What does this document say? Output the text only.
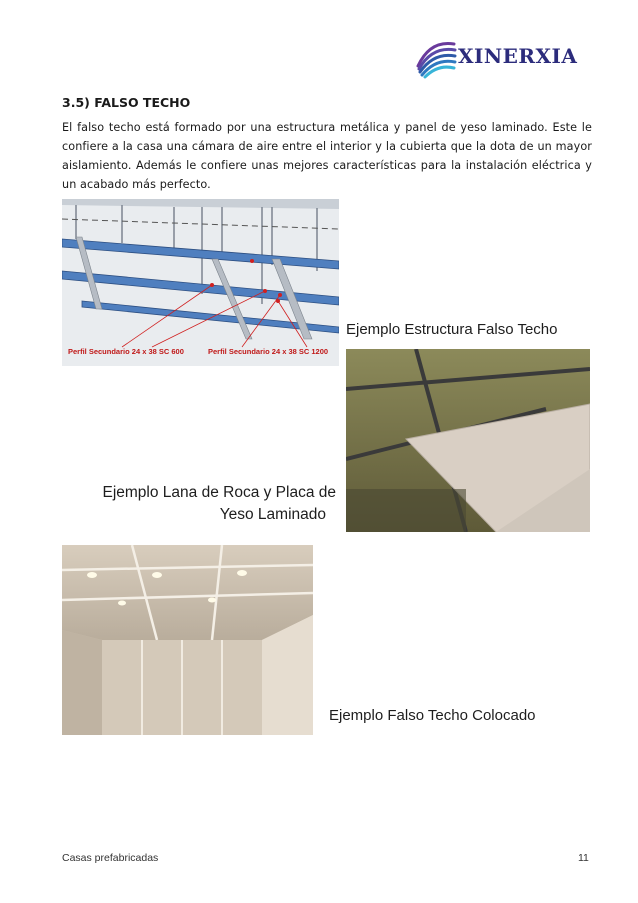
XINERXIA
3.5) FALSO TECHO
El falso techo está formado por una estructura metálica y panel de yeso laminado. Este le confiere a la casa una cámara de aire entre el interior y la cubierta que la dota de un mayor aislamiento. Además le confiere unas mejores características para la instalación eléctrica y un acabado más perfecto.
Perfil Secundario 24 x 38 SC 600	Perfil Secundario 24 x 38 SC 1200
Ejemplo Estructura Falso Techo
Ejemplo Lana de Roca y Placa de
Yeso Laminado
Ejemplo Falso Techo Colocado
Casas prefabricadas	11
